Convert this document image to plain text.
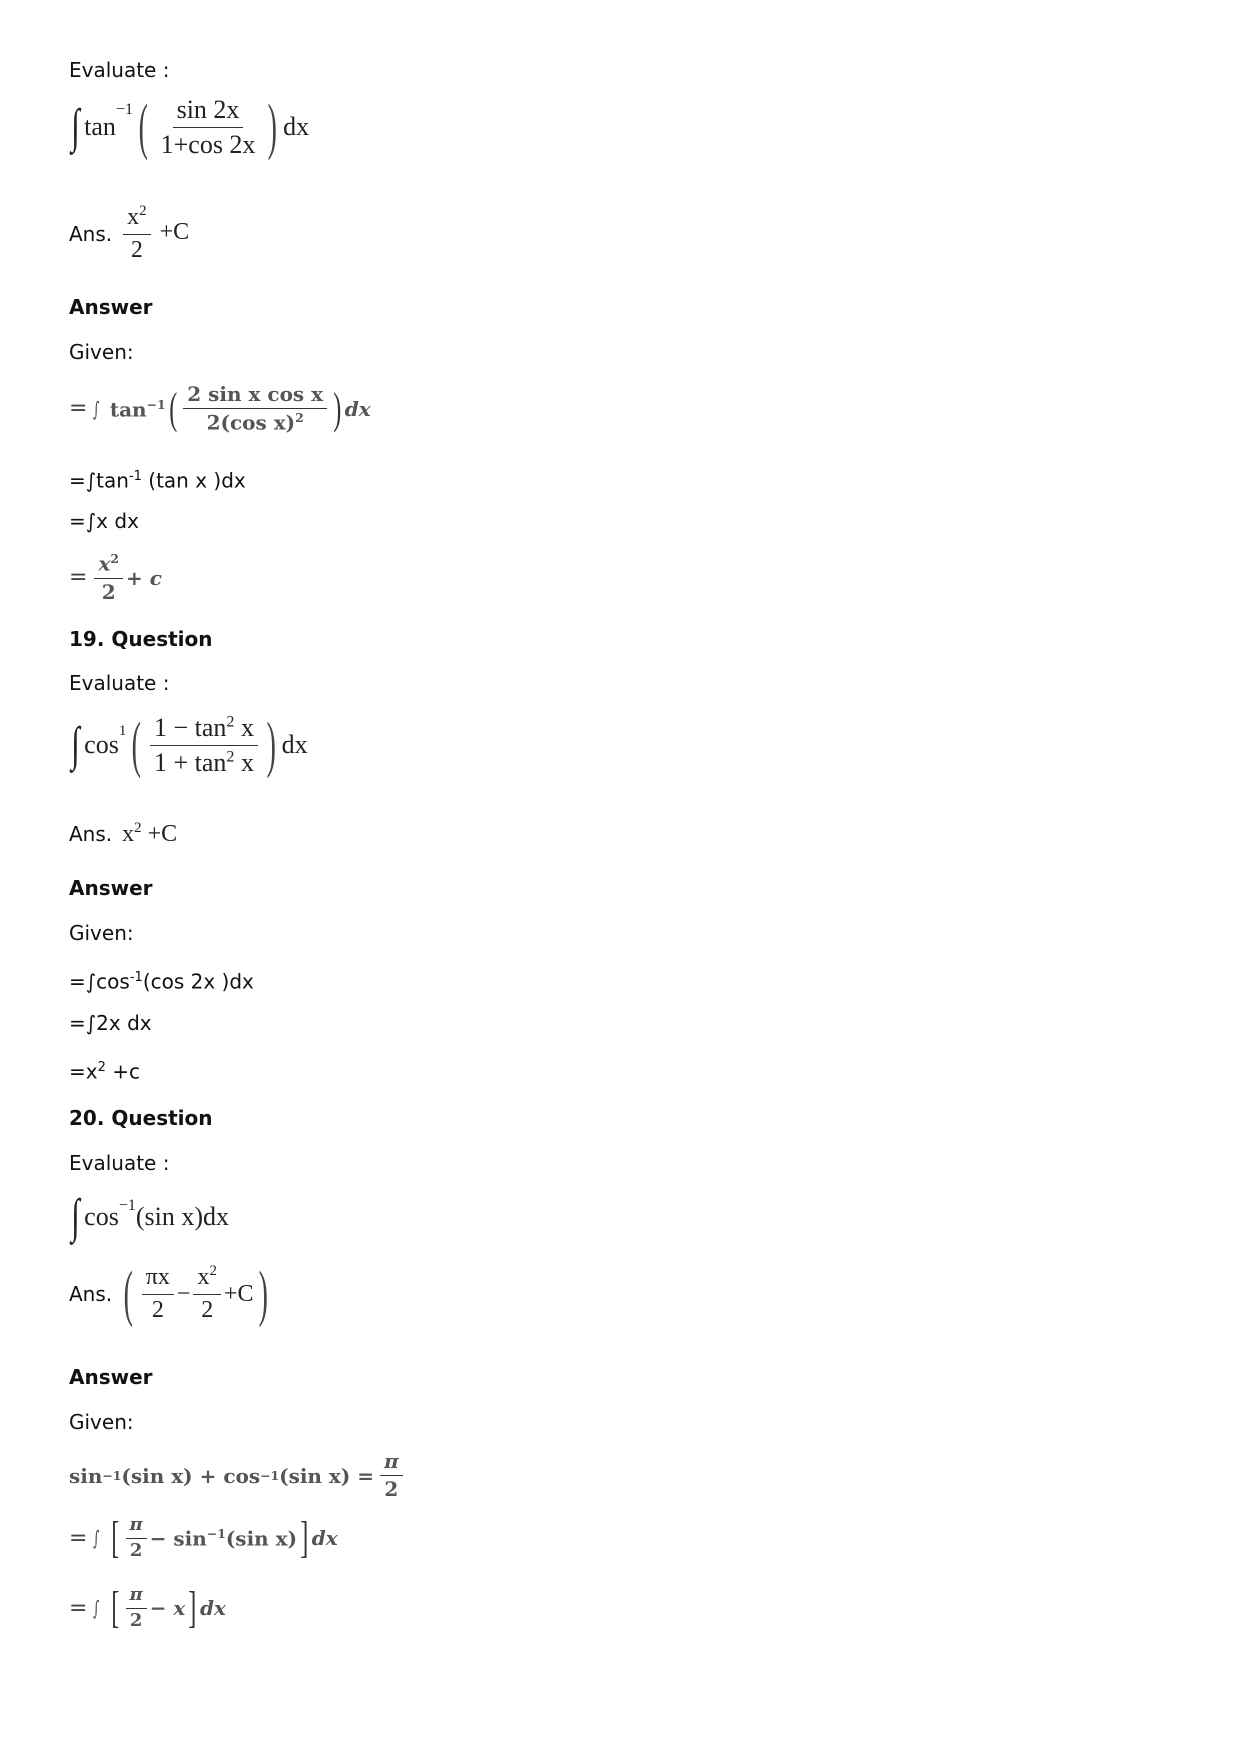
Evaluate :
∫ tan
$^{-1}$ ( $\frac{\sin 2x}{1+\cos 2x}$ ) dx
Ans. $\frac{x^2}{2} +C$
Answer
Given:
= ∫ $\tan^{-1}$ ( $\frac{\text{2 sin x cos x}}{2(\cos x)^2}$ ) dx
$=\int\tan^{-1}$ (tan x )dx
=∫x dx
= $\frac{x^2}{2} + c$
19. Question
Evaluate :
∫ $\cos^1$ ( $\frac{1 - \tan^2 x}{1 + \tan^2 x}$ ) dx
Ans. $x^2 +C$
Answer
Given:
$=\int\cos^{-1}(\cos$ 2x )dx
=∫2x dx
$=x^2 +c$
20. Question
Evaluate :
∫ $\cos^{-1} (\sin$ x)dx
Ans. ( $\frac{\pi x}{2} - \frac{x^2}{2} +C$ )
Answer
Given:
sin −1 (sin x) + cos −1 (sin $x) = \frac{\pi}{2}$
= ∫ [ $\frac{\pi}{2} - \sin^{-1}(\sin$ x) ] dx
= ∫ [ $\frac{\pi}{2} - x$ ] dx
